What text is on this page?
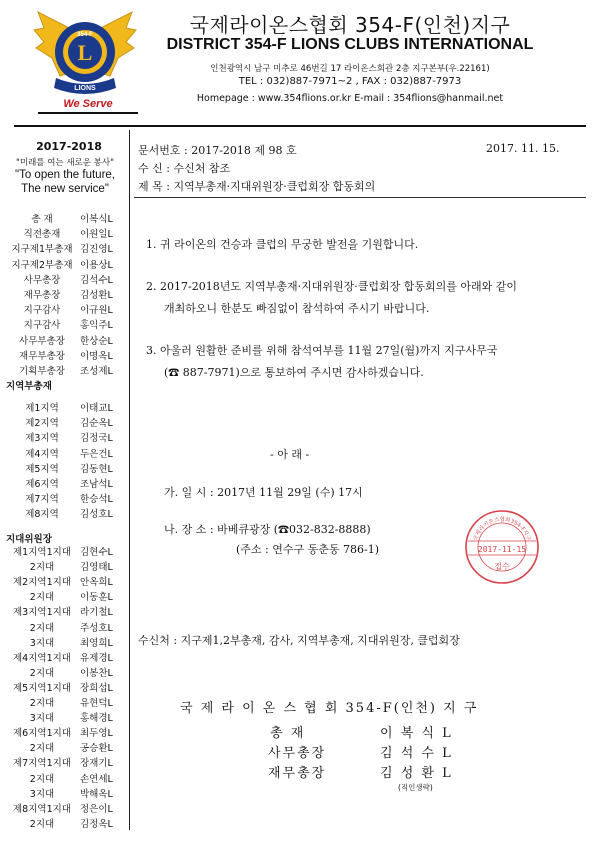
L
LIONS
354-F
We Serve
국제라이온스협회 354-F(인천)지구
DISTRICT 354-F LIONS CLUBS INTERNATIONAL
인천광역시 남구 미추로 46번길 17 라이온스회관 2층 지구본부(우.22161)
TEL : 032)887-7971~2 , FAX : 032)887-7973
Homepage : www.354flions.or.kr E-mail : 354flions@hanmail.net
2017-2018
"미래를 여는 새로운 봉사"
"To open the future,
The new service"
총 재	이복식L
직전총재	이원일L
지구제1부총재 김진영L
지구제2부총재 이용상L
사무총장	김석수L
재무총장	김성환L
지구감사	이규원L
지구감사	홍익주L
사무부총장	한상순L
재무부총장	이명옥L
기획부총장	조성제L
지역부총재
제1지역	이태교L
제2지역	김순옥L
제3지역	김정국L
제4지역	두은건L
제5지역	김동현L
제6지역	조남석L
제7지역	한승석L
제8지역	김성호L
지대위원장
제1지역1지대 김현수L
2지대	김영태L
제2지역1지대 안옥희L
2지대	이동훈L
제3지역1지대 라기철L
2지대	주성호L
3지대	최영희L
제4지역1지대 유제경L
2지대	이봉찬L
제5지역1지대 장희섭L
2지대	유현덕L
3지대	홍해경L
제6지역1지대 최두영L
2지대	공승환L
제7지역1지대 장재기L
2지대	손연세L
3지대	박해옥L
제8지역1지대 정은이L
2지대	김정옥L
문서번호 : 2017-2018 제 98 호	2017. 11. 15.
수 신 : 수신처 참조
제 목 : 지역부총재·지대위원장·클럽회장 합동회의
1. 귀 라이온의 건승과 클럽의 무궁한 발전을 기원합니다.
2. 2017-2018년도 지역부총재·지대위원장·클럽회장 합동회의를 아래와 같이
개최하오니 한분도 빠짐없이 참석하여 주시기 바랍니다.
3. 아울러 원활한 준비를 위해 참석여부를 11월 27일(월)까지 지구사무국
(☎ 887-7971)으로 통보하여 주시면 감사하겠습니다.
- 아 래 -
가. 일 시 : 2017년 11월 29일 (수) 17시
나. 장 소 : 바베큐광장 (☎032-832-8888)
(주소 : 연수구 동춘동 786-1)
국제라이온스협회354-F지구
2017-11-15
접수
수신처 : 지구제1,2부총재, 감사, 지역부총재, 지대위원장, 클럽회장
국 제 라 이 온 스 협 회 354-F(인천) 지 구
총 재	이 복 식 L
사무총장	김 석 수 L
재무총장	김 성 환 L
(직인생략)
